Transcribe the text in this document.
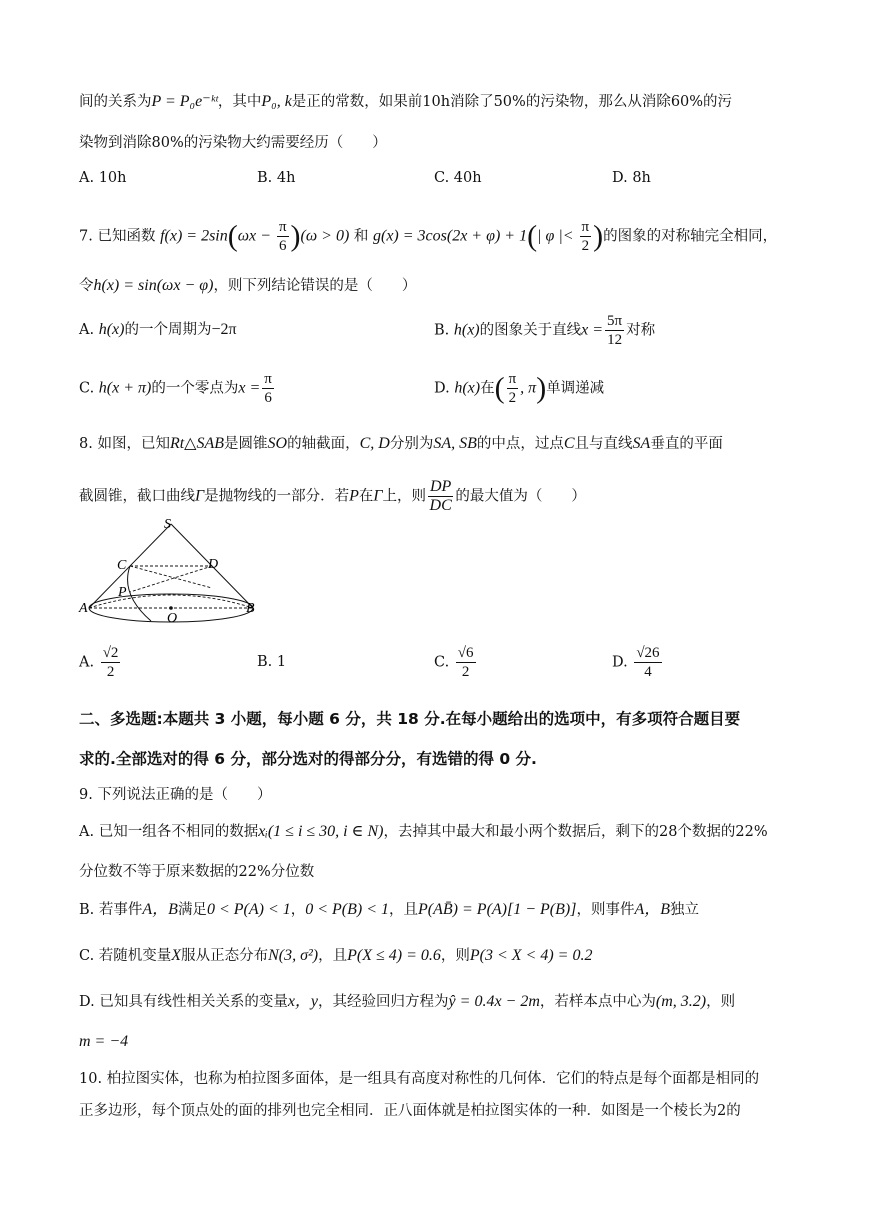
间的关系为P = P₀e⁻ᵏᵗ，其中P₀, k是正的常数，如果前10h消除了50%的污染物，那么从消除60%的污
染物到消除80%的污染物大约需要经历（　　）
A. 10h	B. 4h	C. 40h	D. 8h
7. 已知函数 $f(x) = 2\sin(\omega x - \frac{\pi}{6} )(\omega > 0)$ 和 g(x) = 3cos(2x + φ) + 1(| φ |< $\frac{\pi}{2}$ )的图象的对称轴完全相同，
令h(x) = sin(ωx − φ)，则下列结论错误的是（　　）
A. h(x)的一个周期为−2π	B. h(x)的图象关于直线$x = \frac{5\pi}{12}$ 对称
C. h(x + π)的一个零点为$x = \frac{\pi}{6}$	D. h(x)在( $\frac{\pi}{2}$ , π)单调递减
8. 如图，已知Rt△SAB是圆锥SO的轴截面，C, D分别为SA, SB的中点，过点C且与直线SA垂直的平面
截圆锥，截口曲线Γ是抛物线的一部分．若P在Γ上，则 $\frac{DP}{DC}$ 的最大值为（　　）
S
C	D
P
A
O
B
A. $\frac{√2}{2}$	B. 1	C. $\frac{√6}{2}$	D. $\frac{√26}{4}$
二、多选题:本题共 3 小题，每小题 6 分，共 18 分.在每小题给出的选项中，有多项符合题目要
求的.全部选对的得 6 分，部分选对的得部分分，有选错的得 0 分.
9. 下列说法正确的是（　　）
A. 已知一组各不相同的数据xᵢ(1 ≤ i ≤ 30, i ∈ N)，去掉其中最大和最小两个数据后，剩下的28个数据的22%
分位数不等于原来数据的22%分位数
B. 若事件A，B满足0 < P(A) < 1，0 < P(B) < 1，且P(AB̄) = P(A)[1 − P(B)]，则事件A，B独立
C. 若随机变量X服从正态分布N(3, σ²)，且P(X ≤ 4) = 0.6，则P(3 < X < 4) = 0.2
D. 已知具有线性相关关系的变量x，y，其经验回归方程为ŷ = 0.4x − 2m，若样本点中心为(m, 3.2)，则
m = −4
10. 柏拉图实体，也称为柏拉图多面体，是一组具有高度对称性的几何体．它们的特点是每个面都是相同的
正多边形，每个顶点处的面的排列也完全相同．正八面体就是柏拉图实体的一种．如图是一个棱长为2的
